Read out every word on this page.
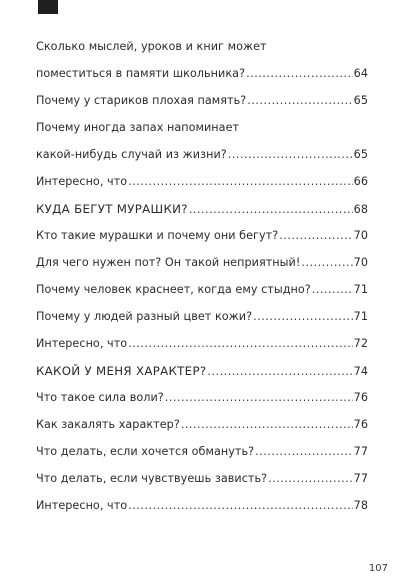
Сколько мыслей, уроков и книг может
поместиться в памяти школьника? .....	64
Почему у стариков плохая память? .....	65
Почему иногда запах напоминает
какой-нибудь случай из жизни? .....	65
Интересно, что .....	66
КУДА БЕГУТ МУРАШКИ? .....	68
Кто такие мурашки и почему они бегут? .....	70
Для чего нужен пот? Он такой неприятный! .....	70
Почему человек краснеет, когда ему стыдно? .....	71
Почему у людей разный цвет кожи? .....	71
Интересно, что .....	72
КАКОЙ У МЕНЯ ХАРАКТЕР? .....	74
Что такое сила воли? .....	76
Как закалять характер? .....	76
Что делать, если хочется обмануть? .....	77
Что делать, если чувствуешь зависть? .....	77
Интересно, что .....	78
107
